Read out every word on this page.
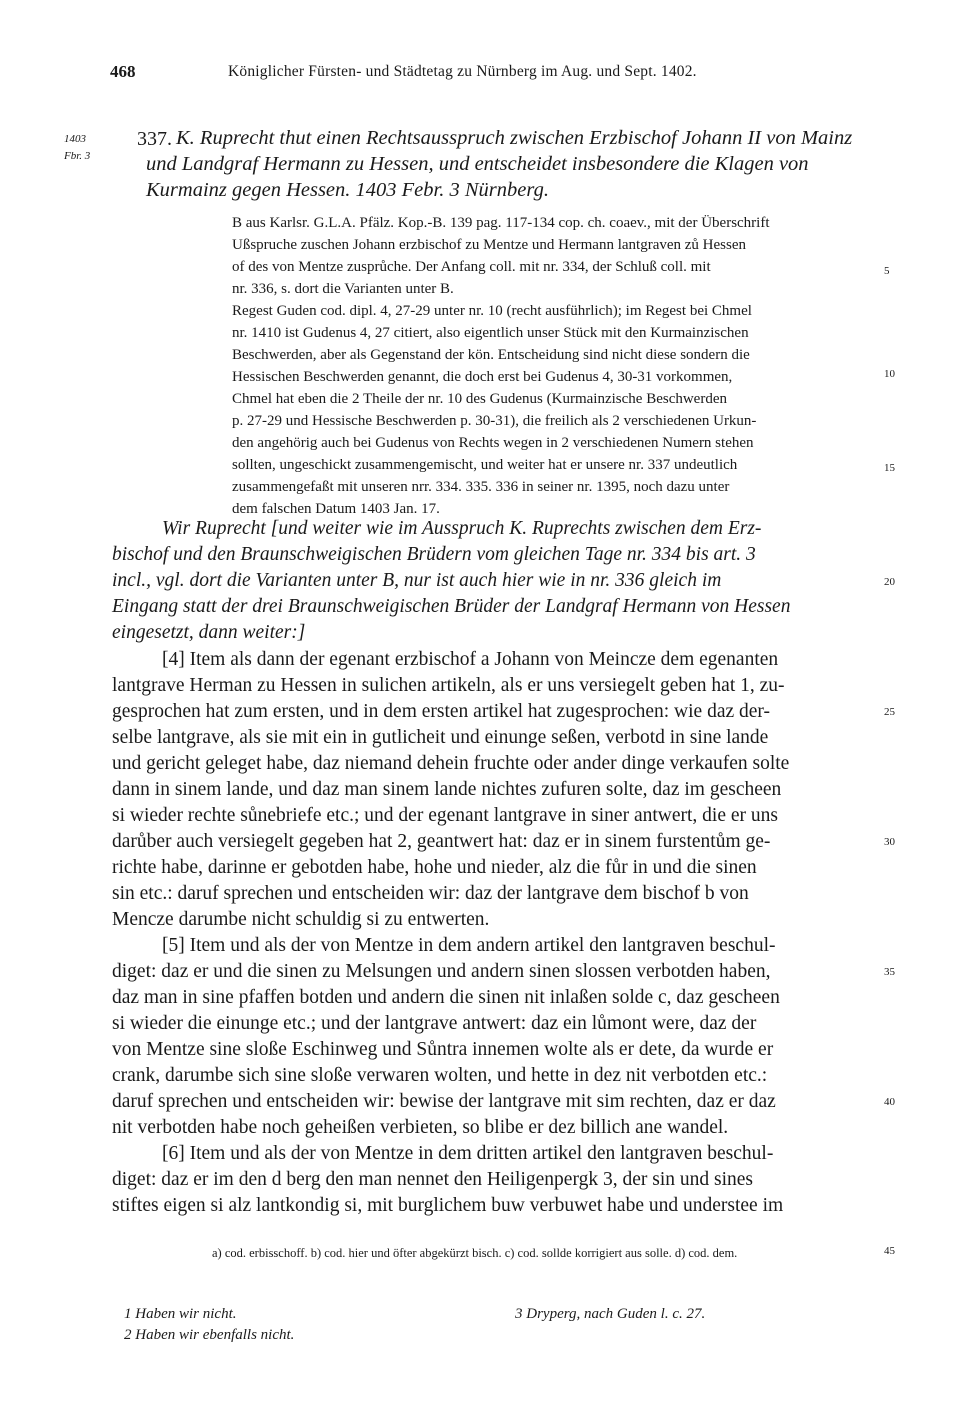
468	Königlicher Fürsten- und Städtetag zu Nürnberg im Aug. und Sept. 1402.
1403
Fbr. 3
337. K. Ruprecht thut einen Rechtsausspruch zwischen Erzbischof Johann II von Mainz
und Landgraf Hermann zu Hessen, und entscheidet insbesondere die Klagen von
Kurmainz gegen Hessen. 1403 Febr. 3 Nürnberg.
B aus Karlsr. G.L.A. Pfälz. Kop.-B. 139 pag. 117-134 cop. ch. coaev., mit der Überschrift
Ußspruche zuschen Johann erzbischof zu Mentze und Hermann lantgraven zů Hessen
of des von Mentze zusprůche. Der Anfang coll. mit nr. 334, der Schluß coll. mit
nr. 336, s. dort die Varianten unter B.
Regest Guden cod. dipl. 4, 27-29 unter nr. 10 (recht ausführlich); im Regest bei Chmel
nr. 1410 ist Gudenus 4, 27 citiert, also eigentlich unser Stück mit den Kurmainzischen
Beschwerden, aber als Gegenstand der kön. Entscheidung sind nicht diese sondern die
Hessischen Beschwerden genannt, die doch erst bei Gudenus 4, 30-31 vorkommen,
Chmel hat eben die 2 Theile der nr. 10 des Gudenus (Kurmainzische Beschwerden
p. 27-29 und Hessische Beschwerden p. 30-31), die freilich als 2 verschiedenen Urkun-
den angehörig auch bei Gudenus von Rechts wegen in 2 verschiedenen Numern stehen
sollten, ungeschickt zusammengemischt, und weiter hat er unsere nr. 337 undeutlich
zusammengefaßt mit unseren nrr. 334. 335. 336 in seiner nr. 1395, noch dazu unter
dem falschen Datum 1403 Jan. 17.
Wir Ruprecht [und weiter wie im Ausspruch K. Ruprechts zwischen dem Erz-
bischof und den Braunschweigischen Brüdern vom gleichen Tage nr. 334 bis art. 3
incl., vgl. dort die Varianten unter B, nur ist auch hier wie in nr. 336 gleich im
Eingang statt der drei Braunschweigischen Brüder der Landgraf Hermann von Hessen
eingesetzt, dann weiter:]
[4] Item als dann der egenant erzbischof a Johann von Meincze dem egenanten
lantgrave Herman zu Hessen in sulichen artikeln, als er uns versiegelt geben hat 1, zu-
gesprochen hat zum ersten, und in dem ersten artikel hat zugesprochen: wie daz der-
selbe lantgrave, als sie mit ein in gutlicheit und einunge seßen, verbotd in sine lande
und gericht geleget habe, daz niemand dehein fruchte oder ander dinge verkaufen solte
dann in sinem lande, und daz man sinem lande nichtes zufuren solte, daz im gescheen
si wieder rechte sůnebriefe etc.; und der egenant lantgrave in siner antwert, die er uns
darůber auch versiegelt gegeben hat 2, geantwert hat: daz er in sinem furstentům ge-
richte habe, darinne er gebotden habe, hohe und nieder, alz die fůr in und die sinen
sin etc.: daruf sprechen und entscheiden wir: daz der lantgrave dem bischof b von
Mencze darumbe nicht schuldig si zu entwerten.
[5] Item und als der von Mentze in dem andern artikel den lantgraven beschul-
diget: daz er und die sinen zu Melsungen und andern sinen slossen verbotden haben,
daz man in sine pfaffen botden und andern die sinen nit inlaßen solde c, daz gescheen
si wieder die einunge etc.; und der lantgrave antwert: daz ein lůmont were, daz der
von Mentze sine sloße Eschinweg und Sůntra innemen wolte als er dete, da wurde er
crank, darumbe sich sine sloße verwaren wolten, und hette in dez nit verbotden etc.:
daruf sprechen und entscheiden wir: bewise der lantgrave mit sim rechten, daz er daz
nit verbotden habe noch geheißen verbieten, so blibe er dez billich ane wandel.
[6] Item und als der von Mentze in dem dritten artikel den lantgraven beschul-
diget: daz er im den d berg den man nennet den Heiligenpergk 3, der sin und sines
stiftes eigen si alz lantkondig si, mit burglichem buw verbuwet habe und understee im
5
10
15
20
25
30
35
40
45
a) cod. erbisschoff. b) cod. hier und öfter abgekürzt bisch. c) cod. sollde korrigiert aus solle. d) cod. dem.
1 Haben wir nicht.
2 Haben wir ebenfalls nicht.
3 Dryperg, nach Guden l. c. 27.
